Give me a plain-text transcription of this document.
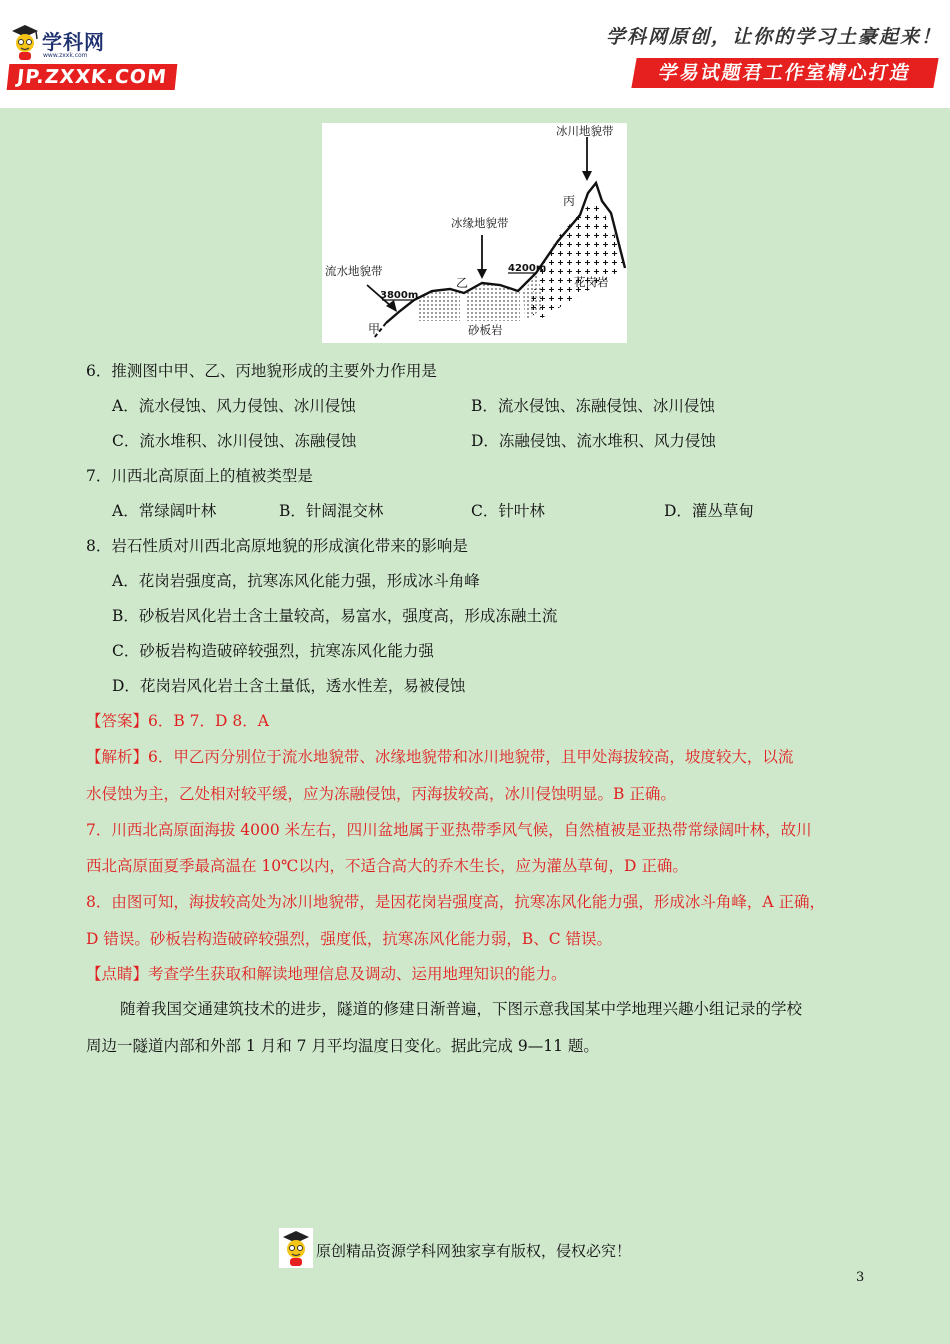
学科网
www.zxxk.com
JP.ZXXK.COM
学科网原创，让你的学习土豪起来！
学易试题君工作室精心打造
冰川地貌带
冰缘地貌带
流水地貌带
丙
乙
甲
4200m
3800m
花岗岩
砂板岩
6．推测图中甲、乙、丙地貌形成的主要外力作用是
A．流水侵蚀、风力侵蚀、冰川侵蚀	B．流水侵蚀、冻融侵蚀、冰川侵蚀
C．流水堆积、冰川侵蚀、冻融侵蚀	D．冻融侵蚀、流水堆积、风力侵蚀
7．川西北高原面上的植被类型是
A．常绿阔叶林	B．针阔混交林	C．针叶林	D．灌丛草甸
8．岩石性质对川西北高原地貌的形成演化带来的影响是
A．花岗岩强度高，抗寒冻风化能力强，形成冰斗角峰
B．砂板岩风化岩土含土量较高，易富水，强度高，形成冻融土流
C．砂板岩构造破碎较强烈，抗寒冻风化能力强
D．花岗岩风化岩土含土量低，透水性差，易被侵蚀
【答案】6．B 7．D 8．A
【解析】6．甲乙丙分别位于流水地貌带、冰缘地貌带和冰川地貌带，且甲处海拔较高，坡度较大，以流
水侵蚀为主，乙处相对较平缓，应为冻融侵蚀，丙海拔较高，冰川侵蚀明显。B 正确。
7．川西北高原面海拔 4000 米左右，四川盆地属于亚热带季风气候，自然植被是亚热带常绿阔叶林，故川
西北高原面夏季最高温在 10℃以内，不适合高大的乔木生长，应为灌丛草甸，D 正确。
8．由图可知，海拔较高处为冰川地貌带，是因花岗岩强度高，抗寒冻风化能力强，形成冰斗角峰，A 正确，
D 错误。砂板岩构造破碎较强烈，强度低，抗寒冻风化能力弱，B、C 错误。
【点睛】考查学生获取和解读地理信息及调动、运用地理知识的能力。
随着我国交通建筑技术的进步，隧道的修建日渐普遍，下图示意我国某中学地理兴趣小组记录的学校
周边一隧道内部和外部 1 月和 7 月平均温度日变化。据此完成 9—11 题。
原创精品资源学科网独家享有版权，侵权必究！
3
